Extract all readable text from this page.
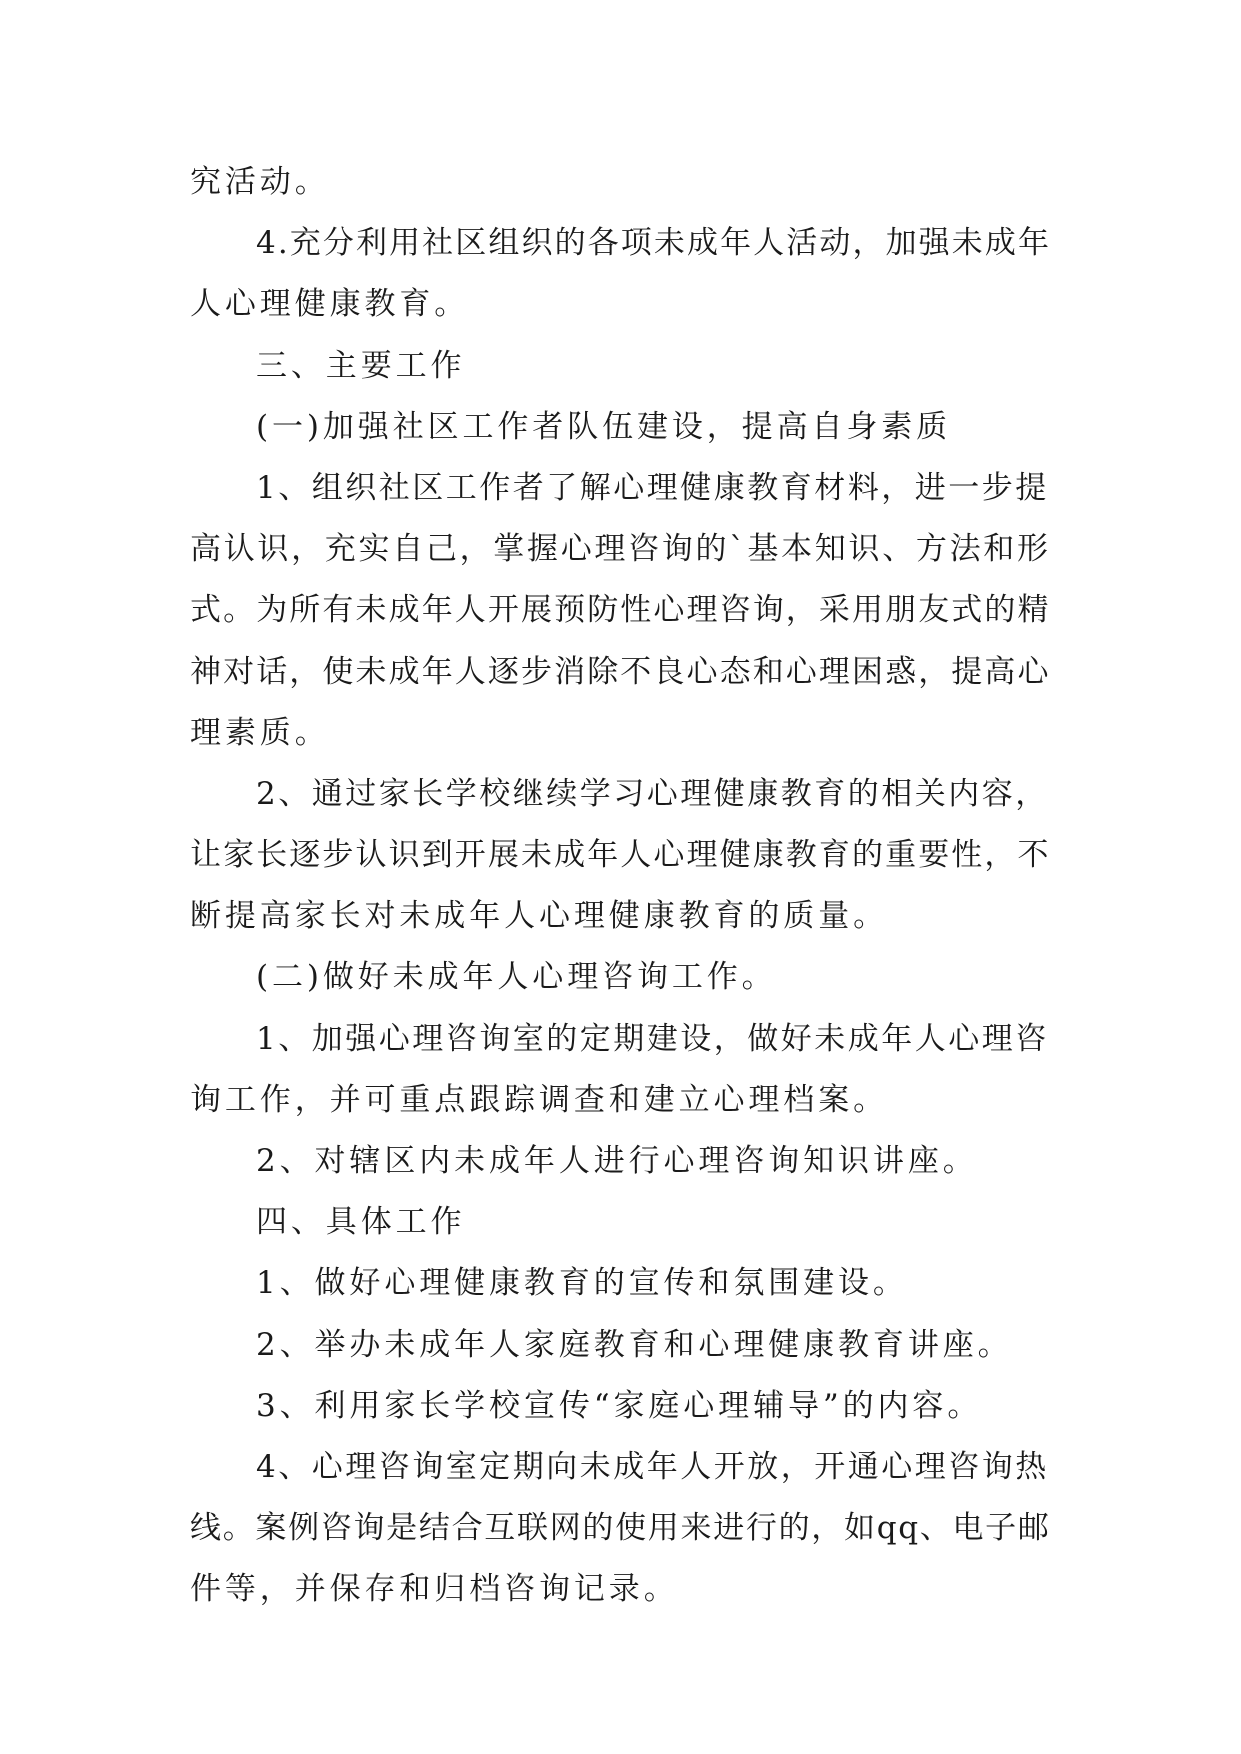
究活动。

4.充分利用社区组织的各项未成年人活动，加强未成年

人心理健康教育。

三、主要工作

(一)加强社区工作者队伍建设，提高自身素质

1、组织社区工作者了解心理健康教育材料，进一步提

高认识，充实自己，掌握心理咨询的`基本知识、方法和形

式。为所有未成年人开展预防性心理咨询，采用朋友式的精

神对话，使未成年人逐步消除不良心态和心理困惑，提高心

理素质。

2、通过家长学校继续学习心理健康教育的相关内容，

让家长逐步认识到开展未成年人心理健康教育的重要性，不

断提高家长对未成年人心理健康教育的质量。

(二)做好未成年人心理咨询工作。

1、加强心理咨询室的定期建设，做好未成年人心理咨

询工作，并可重点跟踪调查和建立心理档案。

2、对辖区内未成年人进行心理咨询知识讲座。

四、具体工作

1、做好心理健康教育的宣传和氛围建设。

2、举办未成年人家庭教育和心理健康教育讲座。

3、利用家长学校宣传“家庭心理辅导”的内容。

4、心理咨询室定期向未成年人开放，开通心理咨询热

线。案例咨询是结合互联网的使用来进行的，如qq、电子邮

件等，并保存和归档咨询记录。
